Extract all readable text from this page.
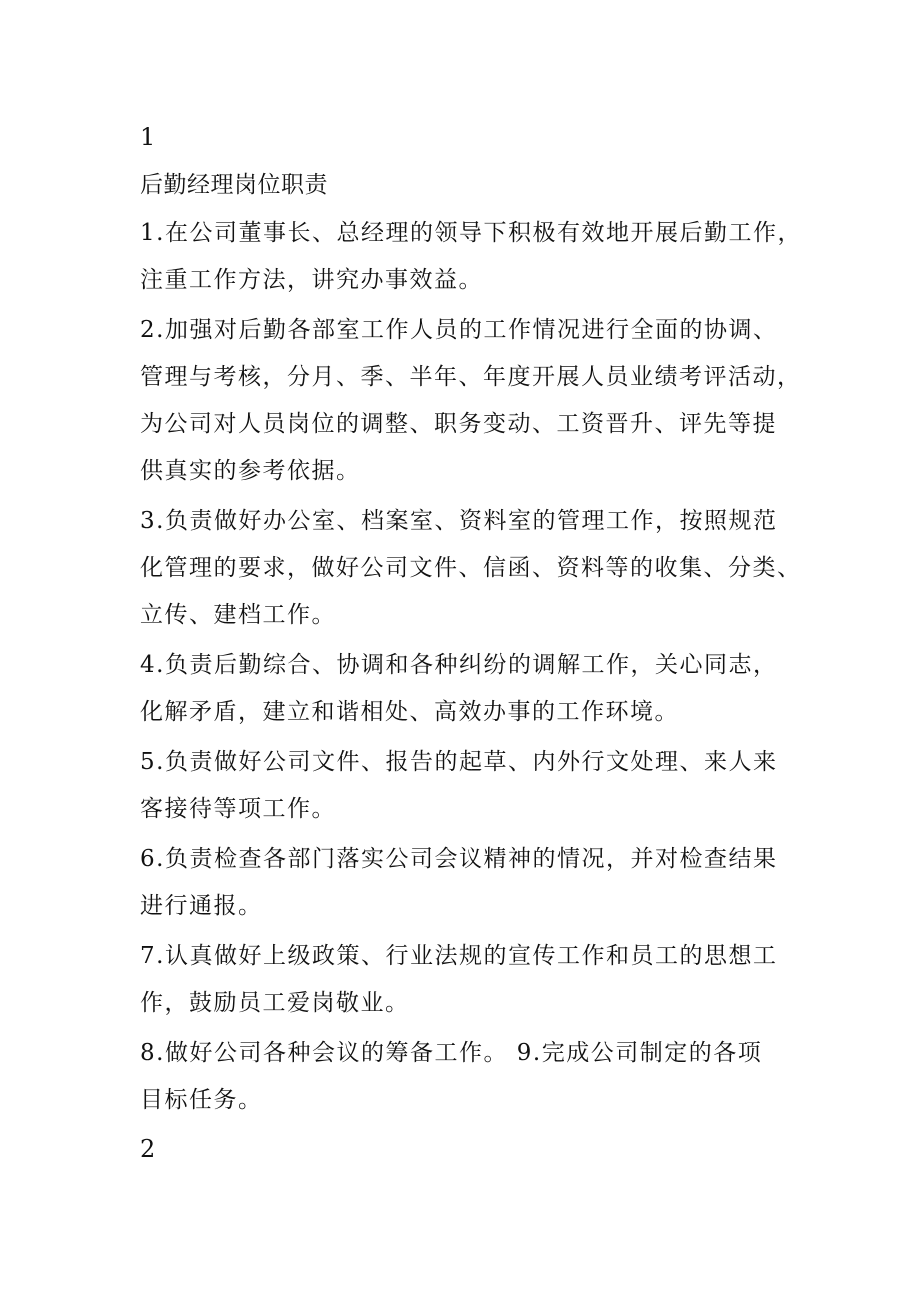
1
后勤经理岗位职责
1.在公司董事长、总经理的领导下积极有效地开展后勤工作，
注重工作方法，讲究办事效益。
2.加强对后勤各部室工作人员的工作情况进行全面的协调、
管理与考核，分月、季、半年、年度开展人员业绩考评活动，
为公司对人员岗位的调整、职务变动、工资晋升、评先等提
供真实的参考依据。
3.负责做好办公室、档案室、资料室的管理工作，按照规范
化管理的要求，做好公司文件、信函、资料等的收集、分类、
立传、建档工作。
4.负责后勤综合、协调和各种纠纷的调解工作，关心同志，
化解矛盾，建立和谐相处、高效办事的工作环境。
5.负责做好公司文件、报告的起草、内外行文处理、来人来
客接待等项工作。
6.负责检查各部门落实公司会议精神的情况，并对检查结果
进行通报。
7.认真做好上级政策、行业法规的宣传工作和员工的思想工
作，鼓励员工爱岗敬业。
8.做好公司各种会议的筹备工作。 9.完成公司制定的各项
目标任务。
2
